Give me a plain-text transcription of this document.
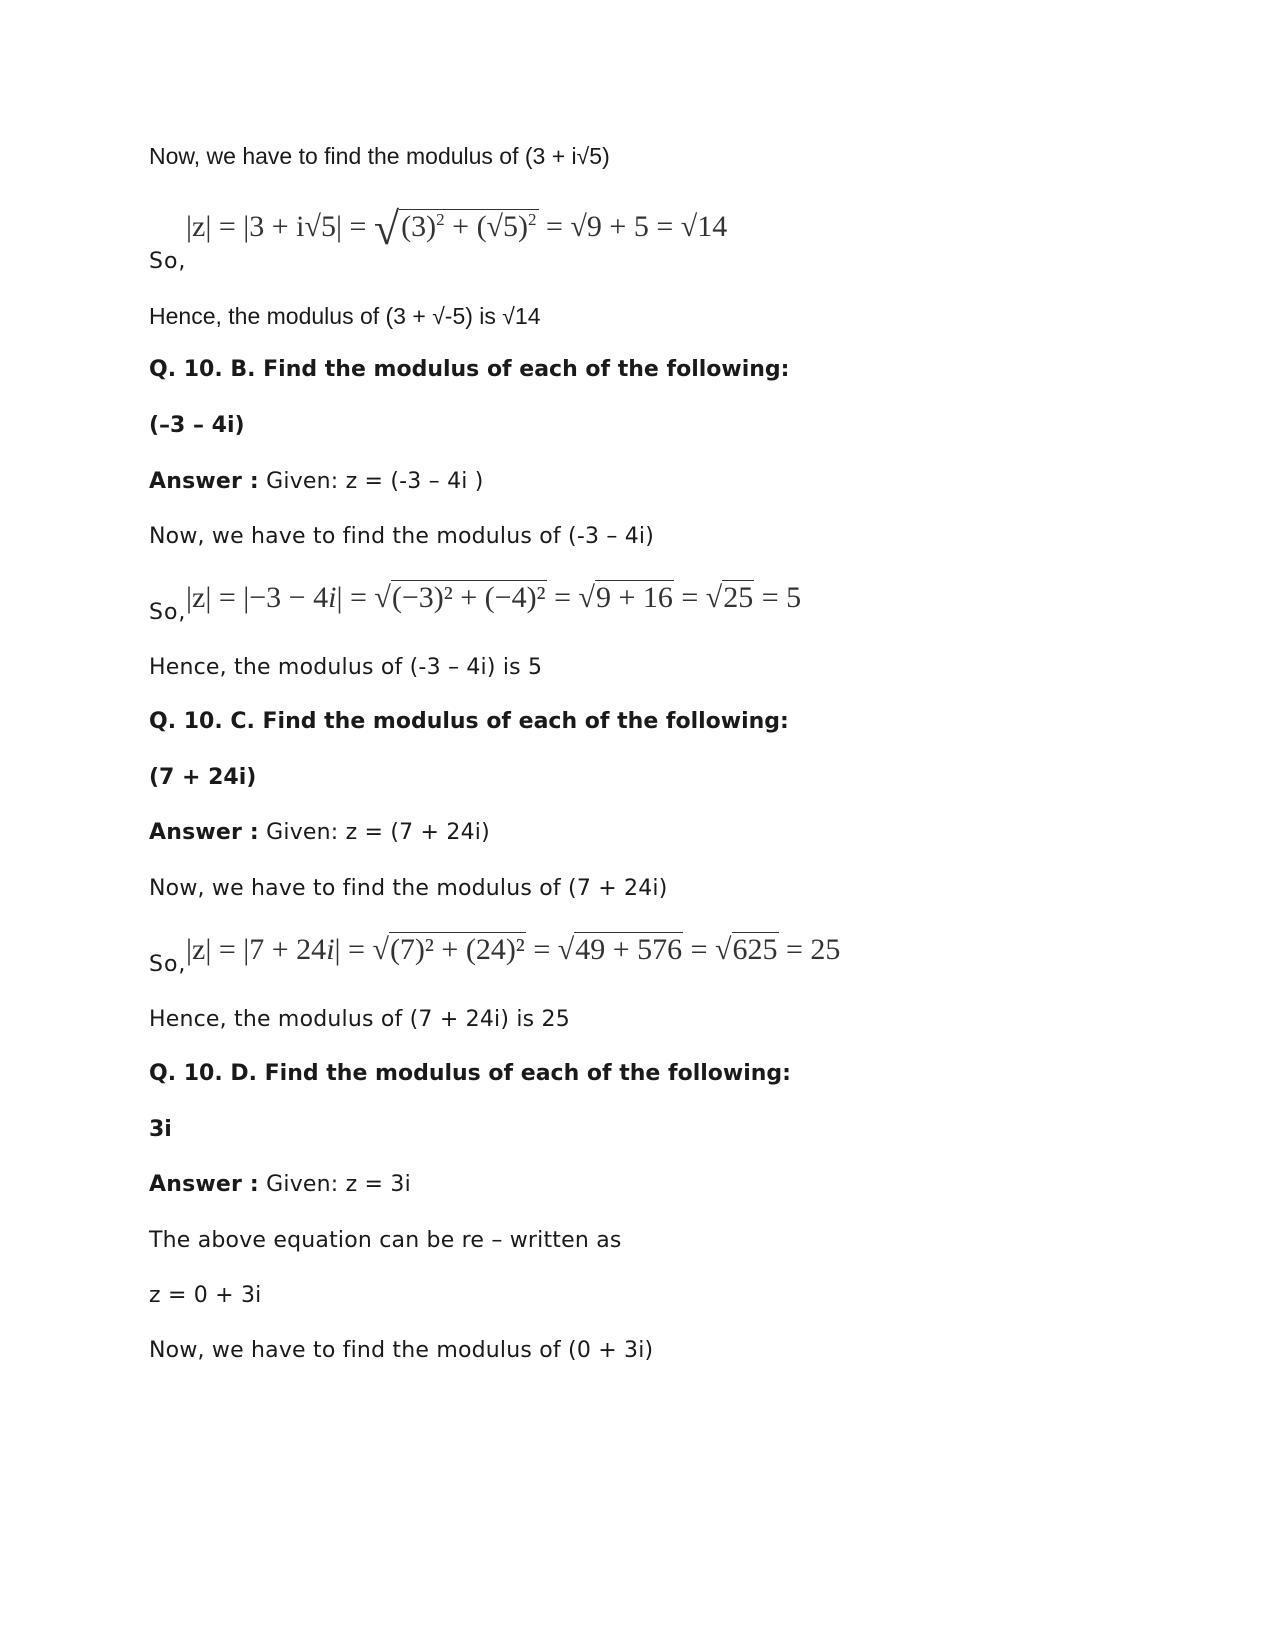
Now, we have to find the modulus of (3 + i√5)
$|z| = |3 + i√5| = √(3)^2 + (√5)^2 = √9 + 5 = √14$
So,
Hence, the modulus of (3 + √-5) is √14
Q. 10. B. Find the modulus of each of the following:
(–3 – 4i)
Answer : Given: z = (-3 – 4i )
Now, we have to find the modulus of (-3 – 4i)
|z| = |−3 − 4i| = √(−3)² + (−4)² = √9 + 16 = √25 = 5
So,
Hence, the modulus of (-3 – 4i) is 5
Q. 10. C. Find the modulus of each of the following:
(7 + 24i)
Answer : Given: z = (7 + 24i)
Now, we have to find the modulus of (7 + 24i)
|z| = |7 + 24i| = √(7)² + (24)² = √49 + 576 = √625 = 25
So,
Hence, the modulus of (7 + 24i) is 25
Q. 10. D. Find the modulus of each of the following:
3i
Answer : Given: z = 3i
The above equation can be re – written as
z = 0 + 3i
Now, we have to find the modulus of (0 + 3i)
